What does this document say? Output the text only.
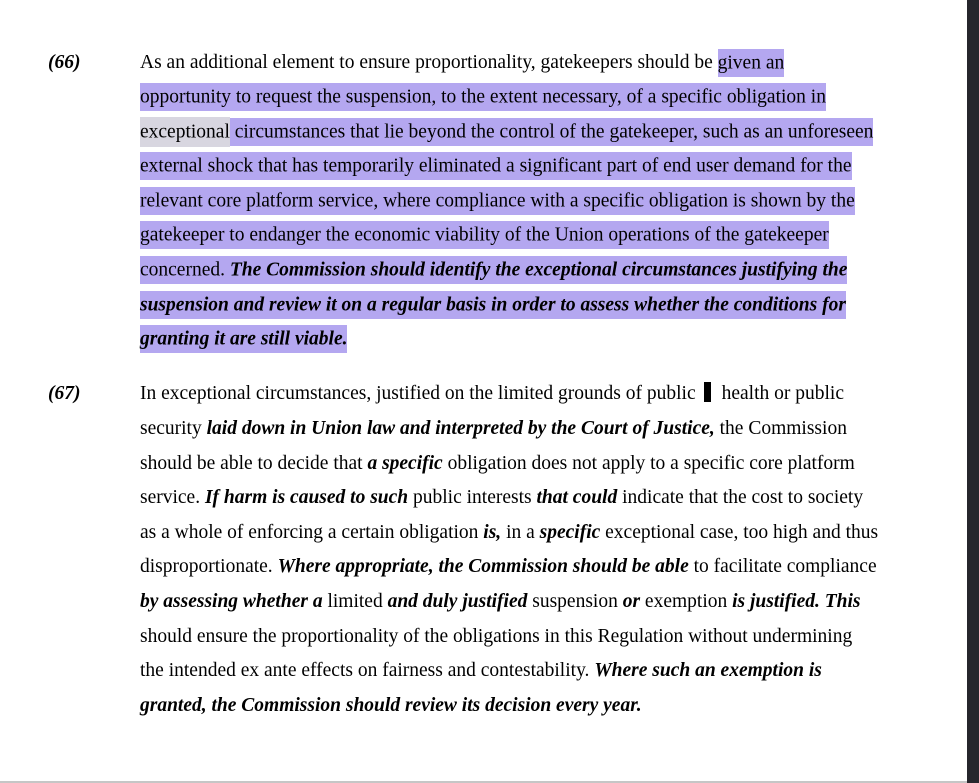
(66)	As an additional element to ensure proportionality, gatekeepers should be given an opportunity to request the suspension, to the extent necessary, of a specific obligation in exceptional circumstances that lie beyond the control of the gatekeeper, such as an unforeseen external shock that has temporarily eliminated a significant part of end user demand for the relevant core platform service, where compliance with a specific obligation is shown by the gatekeeper to endanger the economic viability of the Union operations of the gatekeeper concerned. The Commission should identify the exceptional circumstances justifying the suspension and review it on a regular basis in order to assess whether the conditions for granting it are still viable.
(67)	In exceptional circumstances, justified on the limited grounds of public health or public security laid down in Union law and interpreted by the Court of Justice, the Commission should be able to decide that a specific obligation does not apply to a specific core platform service. If harm is caused to such public interests that could indicate that the cost to society as a whole of enforcing a certain obligation is, in a specific exceptional case, too high and thus disproportionate. Where appropriate, the Commission should be able to facilitate compliance by assessing whether a limited and duly justified suspension or exemption is justified. This should ensure the proportionality of the obligations in this Regulation without undermining the intended ex ante effects on fairness and contestability. Where such an exemption is granted, the Commission should review its decision every year.
